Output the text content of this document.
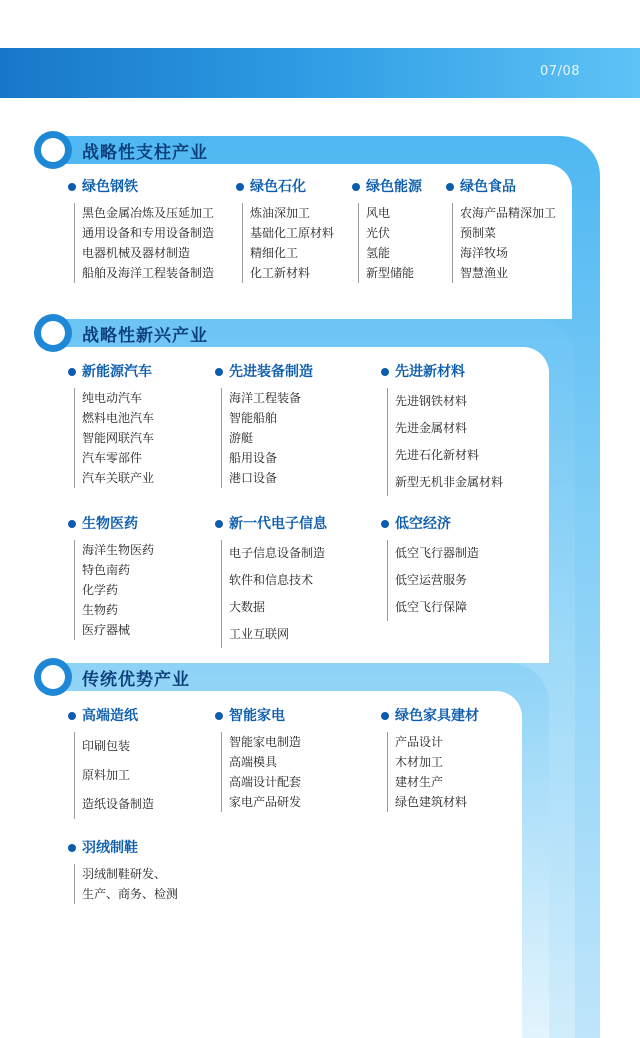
07/08
战略性支柱产业
绿色钢铁
黑色金属冶炼及压延加工
通用设备和专用设备制造
电器机械及器材制造
船舶及海洋工程装备制造
绿色石化
炼油深加工
基础化工原材料
精细化工
化工新材料
绿色能源
风电
光伏
氢能
新型储能
绿色食品
农海产品精深加工
预制菜
海洋牧场
智慧渔业
战略性新兴产业
新能源汽车
纯电动汽车
燃料电池汽车
智能网联汽车
汽车零部件
汽车关联产业
先进装备制造
海洋工程装备
智能船舶
游艇
船用设备
港口设备
先进新材料
先进钢铁材料
先进金属材料
先进石化新材料
新型无机非金属材料
生物医药
海洋生物医药
特色南药
化学药
生物药
医疗器械
新一代电子信息
电子信息设备制造
软件和信息技术
大数据
工业互联网
低空经济
低空飞行器制造
低空运营服务
低空飞行保障
传统优势产业
高端造纸
印刷包装
原料加工
造纸设备制造
智能家电
智能家电制造
高端模具
高端设计配套
家电产品研发
绿色家具建材
产品设计
木材加工
建材生产
绿色建筑材料
羽绒制鞋
羽绒制鞋研发、
生产、商务、检测
